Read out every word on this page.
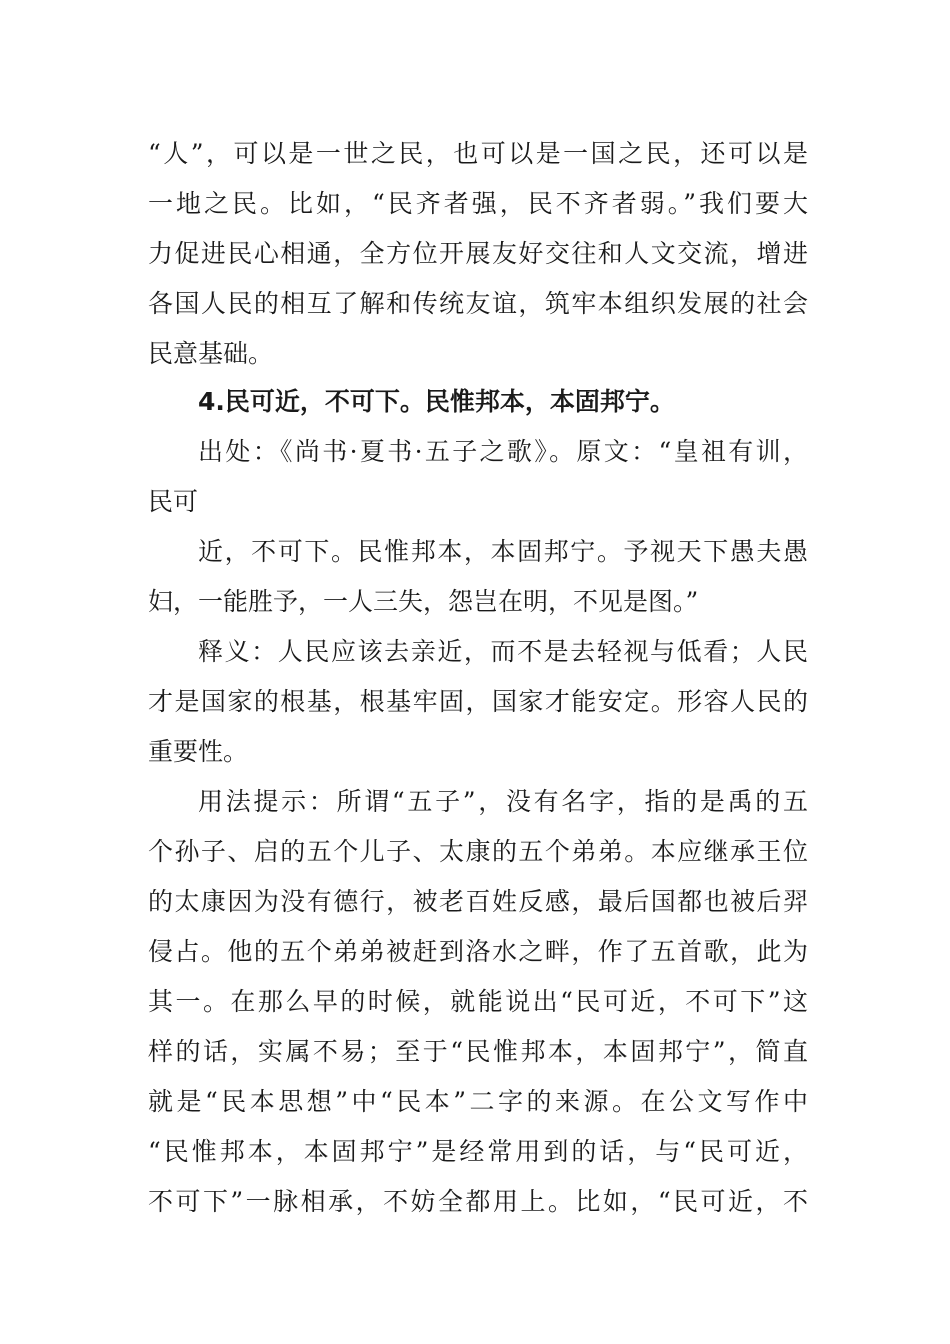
“人”，可以是一世之民，也可以是一国之民，还可以是
一地之民。比如，“民齐者强，民不齐者弱。”我们要大
力促进民心相通，全方位开展友好交往和人文交流，增进
各国人民的相互了解和传统友谊，筑牢本组织发展的社会
民意基础。
4.民可近，不可下。民惟邦本，本固邦宁。
出处：《尚书·夏书·五子之歌》。原文：“皇祖有训，
民可
近，不可下。民惟邦本，本固邦宁。予视天下愚夫愚
妇，一能胜予，一人三失，怨岂在明，不见是图。”
释义：人民应该去亲近，而不是去轻视与低看；人民
才是国家的根基，根基牢固，国家才能安定。形容人民的
重要性。
用法提示：所谓“五子”，没有名字，指的是禹的五
个孙子、启的五个儿子、太康的五个弟弟。本应继承王位
的太康因为没有德行，被老百姓反感，最后国都也被后羿
侵占。他的五个弟弟被赶到洛水之畔，作了五首歌，此为
其一。在那么早的时候，就能说出“民可近，不可下”这
样的话，实属不易；至于“民惟邦本，本固邦宁”，简直
就是“民本思想”中“民本”二字的来源。在公文写作中
“民惟邦本，本固邦宁”是经常用到的话，与“民可近，
不可下”一脉相承，不妨全都用上。比如，“民可近，不
